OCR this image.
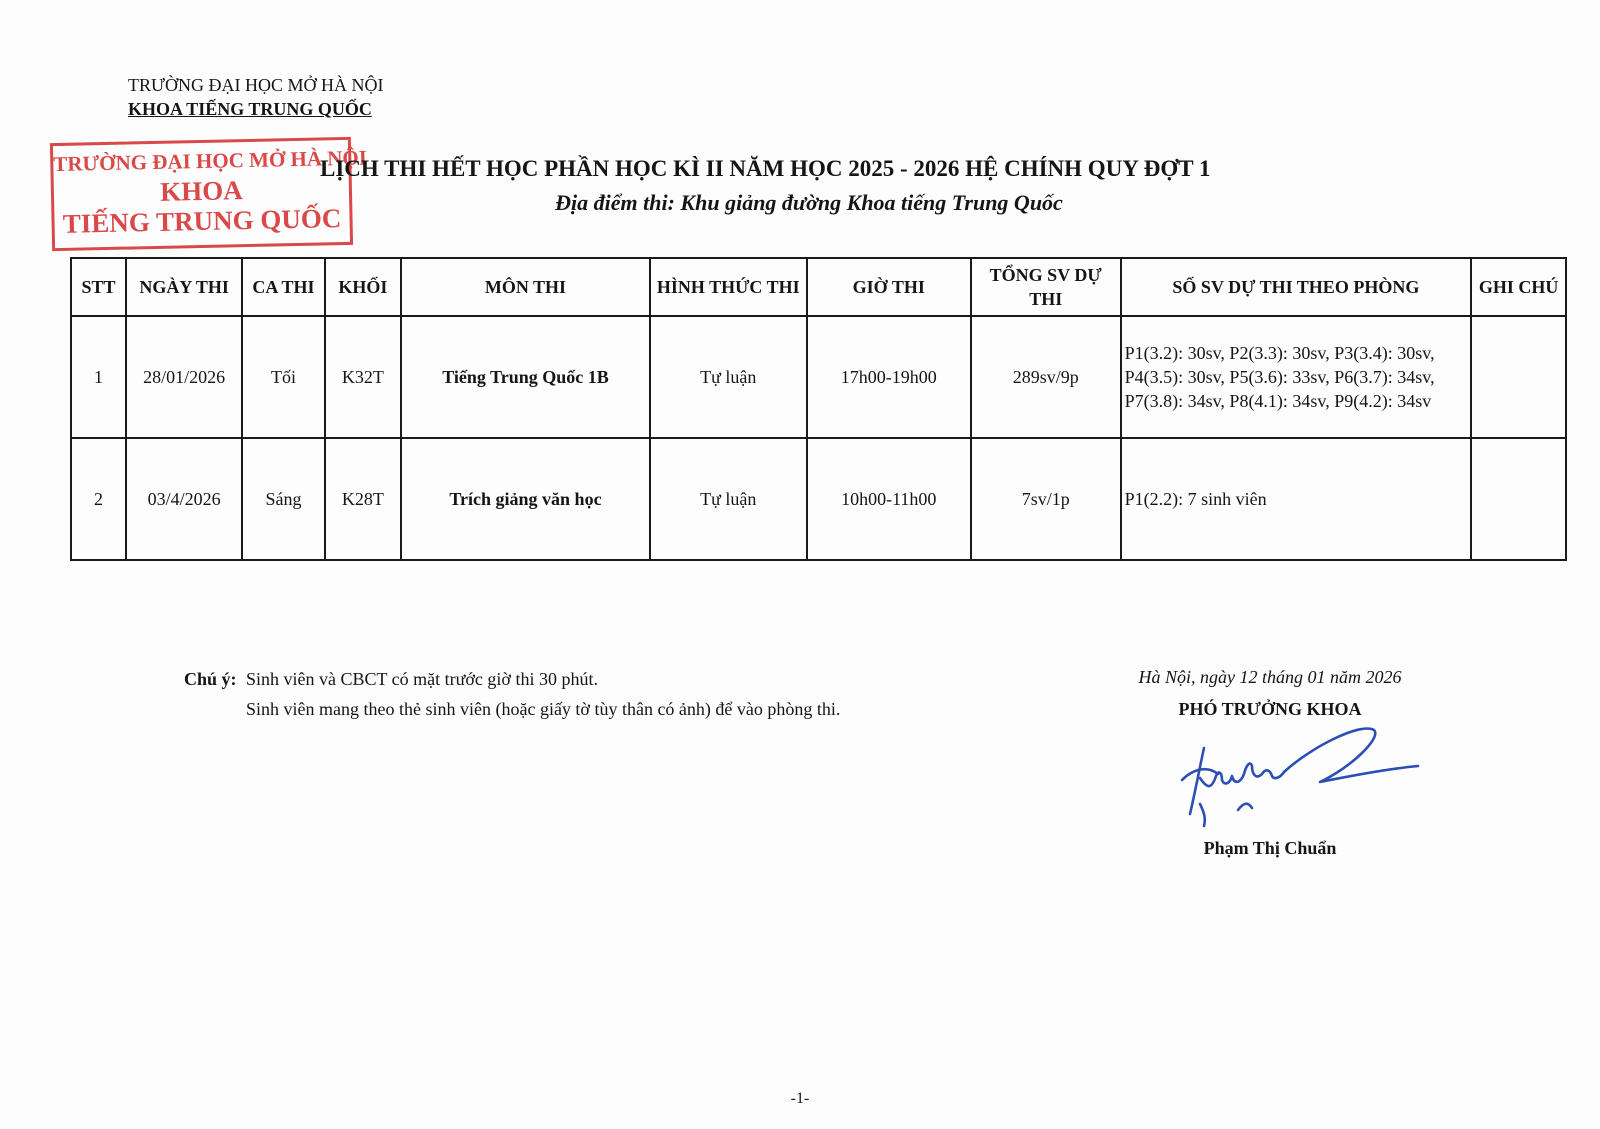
TRƯỜNG ĐẠI HỌC MỞ HÀ NỘI
KHOA TIẾNG TRUNG QUỐC
TRƯỜNG ĐẠI HỌC MỞ HÀ NỘI
KHOA
TIẾNG TRUNG QUỐC
LỊCH THI HẾT HỌC PHẦN HỌC KÌ II NĂM HỌC 2025 - 2026 HỆ CHÍNH QUY ĐỢT 1
Địa điểm thi: Khu giảng đường Khoa tiếng Trung Quốc
STT	NGÀY THI	CA THI	KHỐI	MÔN THI	HÌNH THỨC THI	GIỜ THI	TỔNG SV DỰ THI	SỐ SV DỰ THI THEO PHÒNG	GHI CHÚ
1	28/01/2026	Tối	K32T	Tiếng Trung Quốc 1B	Tự luận	17h00-19h00	289sv/9p	P1(3.2): 30sv, P2(3.3): 30sv, P3(3.4): 30sv,
P4(3.5): 30sv, P5(3.6): 33sv, P6(3.7): 34sv,
P7(3.8): 34sv, P8(4.1): 34sv, P9(4.2): 34sv	

2	03/4/2026	Sáng	K28T	Trích giảng văn học	Tự luận	10h00-11h00	7sv/1p	P1(2.2): 7 sinh viên	

Chú ý: Sinh viên và CBCT có mặt trước giờ thi 30 phút.
Sinh viên mang theo thẻ sinh viên (hoặc giấy tờ tùy thân có ảnh) để vào phòng thi.
Hà Nội, ngày 12 tháng 01 năm 2026
PHÓ TRƯỞNG KHOA
Phạm Thị Chuẩn
-1-
